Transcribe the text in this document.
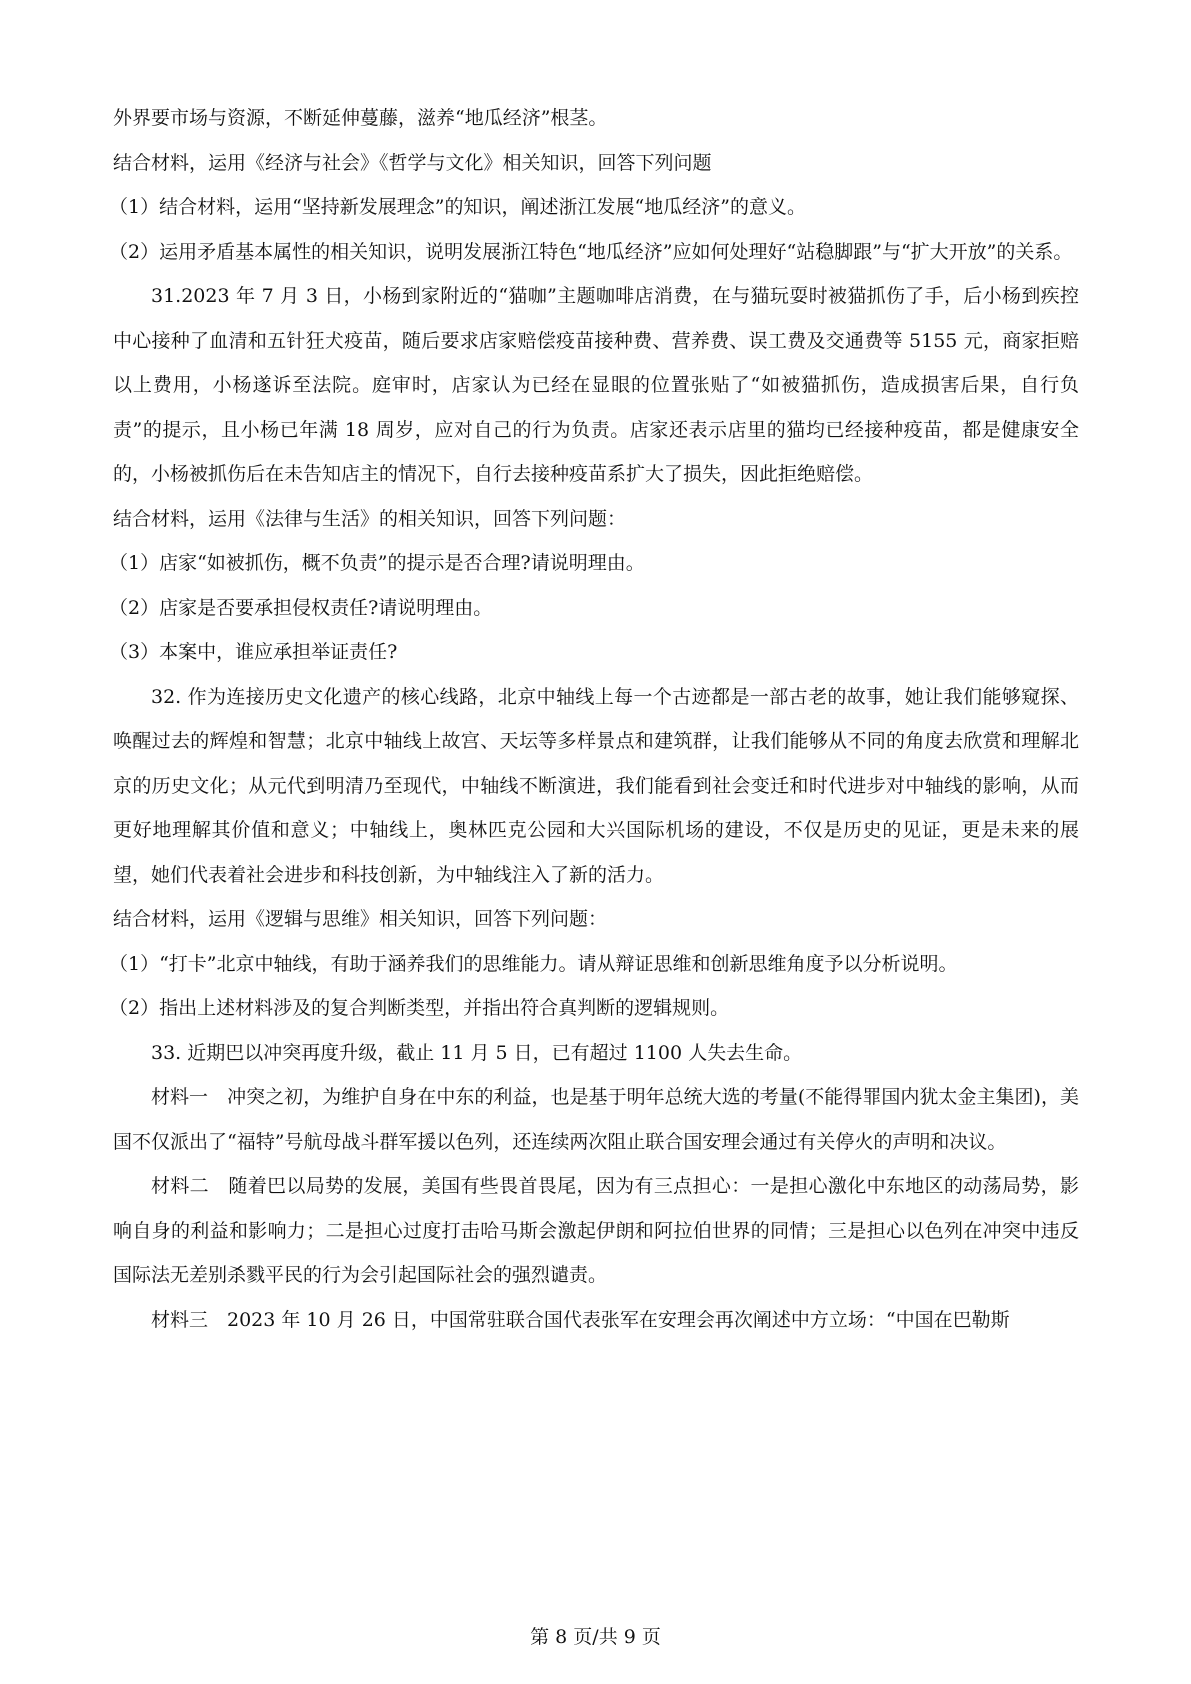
外界要市场与资源，不断延伸蔓藤，滋养“地瓜经济”根茎。

结合材料，运用《经济与社会》《哲学与文化》相关知识，回答下列问题

（1）结合材料，运用“坚持新发展理念”的知识，阐述浙江发展“地瓜经济”的意义。

（2）运用矛盾基本属性的相关知识，说明发展浙江特色“地瓜经济”应如何处理好“站稳脚跟”与“扩大开放”的关系。

31.2023 年 7 月 3 日，小杨到家附近的“猫咖”主题咖啡店消费，在与猫玩耍时被猫抓伤了手，后小杨到疾控中心接种了血清和五针狂犬疫苗，随后要求店家赔偿疫苗接种费、营养费、误工费及交通费等 5155 元，商家拒赔以上费用，小杨遂诉至法院。庭审时，店家认为已经在显眼的位置张贴了“如被猫抓伤，造成损害后果，自行负责”的提示，且小杨已年满 18 周岁，应对自己的行为负责。店家还表示店里的猫均已经接种疫苗，都是健康安全的，小杨被抓伤后在未告知店主的情况下，自行去接种疫苗系扩大了损失，因此拒绝赔偿。

结合材料，运用《法律与生活》的相关知识，回答下列问题：

（1）店家“如被抓伤，概不负责”的提示是否合理?请说明理由。

（2）店家是否要承担侵权责任?请说明理由。

（3）本案中，谁应承担举证责任?

32. 作为连接历史文化遗产的核心线路，北京中轴线上每一个古迹都是一部古老的故事，她让我们能够窥探、唤醒过去的辉煌和智慧；北京中轴线上故宫、天坛等多样景点和建筑群，让我们能够从不同的角度去欣赏和理解北京的历史文化；从元代到明清乃至现代，中轴线不断演进，我们能看到社会变迁和时代进步对中轴线的影响，从而更好地理解其价值和意义；中轴线上，奥林匹克公园和大兴国际机场的建设，不仅是历史的见证，更是未来的展望，她们代表着社会进步和科技创新，为中轴线注入了新的活力。

结合材料，运用《逻辑与思维》相关知识，回答下列问题：

（1）“打卡”北京中轴线，有助于涵养我们的思维能力。请从辩证思维和创新思维角度予以分析说明。

（2）指出上述材料涉及的复合判断类型，并指出符合真判断的逻辑规则。

33. 近期巴以冲突再度升级，截止 11 月 5 日，已有超过 1100 人失去生命。

材料一　冲突之初，为维护自身在中东的利益，也是基于明年总统大选的考量(不能得罪国内犹太金主集团)，美国不仅派出了“福特”号航母战斗群军援以色列，还连续两次阻止联合国安理会通过有关停火的声明和决议。

材料二　随着巴以局势的发展，美国有些畏首畏尾，因为有三点担心：一是担心激化中东地区的动荡局势，影响自身的利益和影响力；二是担心过度打击哈马斯会激起伊朗和阿拉伯世界的同情；三是担心以色列在冲突中违反国际法无差别杀戮平民的行为会引起国际社会的强烈谴责。

材料三　2023 年 10 月 26 日，中国常驻联合国代表张军在安理会再次阐述中方立场：“中国在巴勒斯

第 8 页/共 9 页
